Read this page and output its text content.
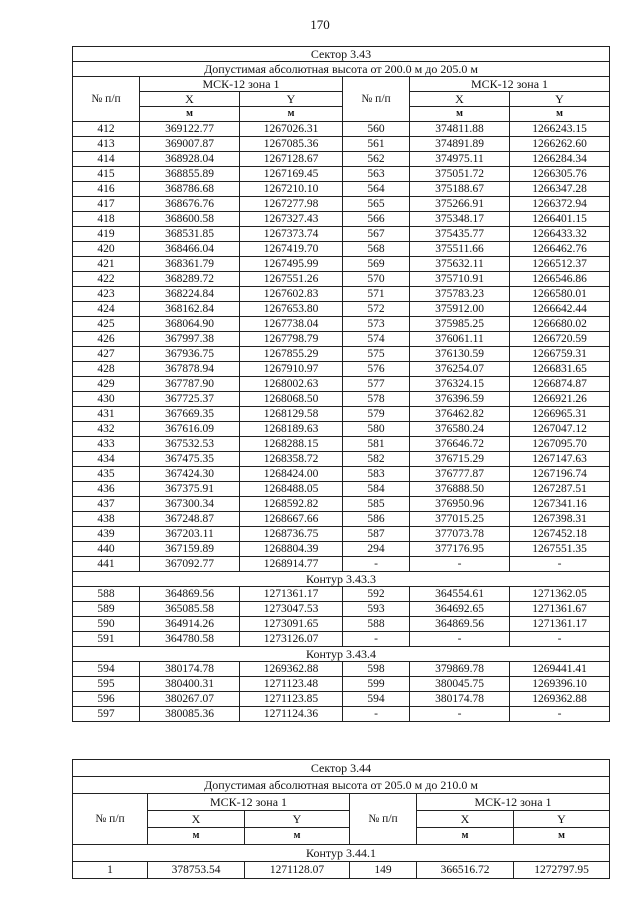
170
Сектор 3.43					
Допустимая абсолютная высота от 200.0 м до 205.0 м					
№ п/п	МСК-12 зона 1		№ п/п	МСК-12 зона 1	
	X	Y		X	Y
	м	м		м	м
412	369122.77	1267026.31	560	374811.88	1266243.15
413	369007.87	1267085.36	561	374891.89	1266262.60
414	368928.04	1267128.67	562	374975.11	1266284.34
415	368855.89	1267169.45	563	375051.72	1266305.76
416	368786.68	1267210.10	564	375188.67	1266347.28
417	368676.76	1267277.98	565	375266.91	1266372.94
418	368600.58	1267327.43	566	375348.17	1266401.15
419	368531.85	1267373.74	567	375435.77	1266433.32
420	368466.04	1267419.70	568	375511.66	1266462.76
421	368361.79	1267495.99	569	375632.11	1266512.37
422	368289.72	1267551.26	570	375710.91	1266546.86
423	368224.84	1267602.83	571	375783.23	1266580.01
424	368162.84	1267653.80	572	375912.00	1266642.44
425	368064.90	1267738.04	573	375985.25	1266680.02
426	367997.38	1267798.79	574	376061.11	1266720.59
427	367936.75	1267855.29	575	376130.59	1266759.31
428	367878.94	1267910.97	576	376254.07	1266831.65
429	367787.90	1268002.63	577	376324.15	1266874.87
430	367725.37	1268068.50	578	376396.59	1266921.26
431	367669.35	1268129.58	579	376462.82	1266965.31
432	367616.09	1268189.63	580	376580.24	1267047.12
433	367532.53	1268288.15	581	376646.72	1267095.70
434	367475.35	1268358.72	582	376715.29	1267147.63
435	367424.30	1268424.00	583	376777.87	1267196.74
436	367375.91	1268488.05	584	376888.50	1267287.51
437	367300.34	1268592.82	585	376950.96	1267341.16
438	367248.87	1268667.66	586	377015.25	1267398.31
439	367203.11	1268736.75	587	377073.78	1267452.18
440	367159.89	1268804.39	294	377176.95	1267551.35
441	367092.77	1268914.77	-	-	-
Контур 3.43.3					
588	364869.56	1271361.17	592	364554.61	1271362.05
589	365085.58	1273047.53	593	364692.65	1271361.67
590	364914.26	1273091.65	588	364869.56	1271361.17
591	364780.58	1273126.07	-	-	-
Контур 3.43.4					
594	380174.78	1269362.88	598	379869.78	1269441.41
595	380400.31	1271123.48	599	380045.75	1269396.10
596	380267.07	1271123.85	594	380174.78	1269362.88
597	380085.36	1271124.36	-	-	-
Сектор 3.44					
Допустимая абсолютная высота от 205.0 м до 210.0 м					
№ п/п	МСК-12 зона 1		№ п/п	МСК-12 зона 1	
	X	Y		X	Y
	м	м		м	м
Контур 3.44.1					
1	378753.54	1271128.07	149	366516.72	1272797.95
